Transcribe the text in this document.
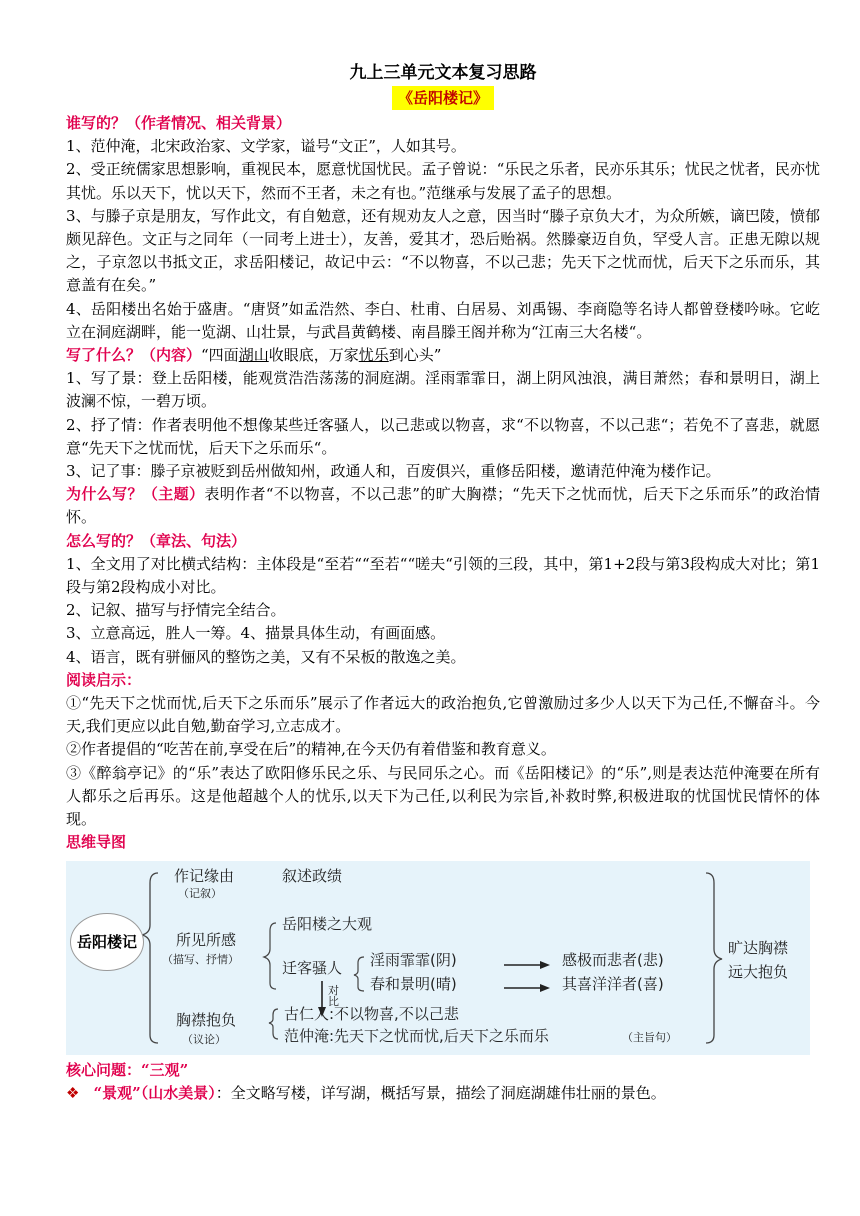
九上三单元文本复习思路
《岳阳楼记》

谁写的？（作者情况、相关背景）

1、范仲淹，北宋政治家、文学家，谥号“文正”，人如其号。

2、受正统儒家思想影响，重视民本，愿意忧国忧民。孟子曾说：“乐民之乐者，民亦乐其乐；忧民之忧者，民亦忧其忧。乐以天下，忧以天下，然而不王者，未之有也。”范继承与发展了孟子的思想。

3、与滕子京是朋友，写作此文，有自勉意，还有规劝友人之意，因当时“滕子京负大才，为众所嫉，谪巴陵，愤郁颇见辞色。文正与之同年（一同考上进士），友善，爱其才，恐后贻祸。然滕豪迈自负，罕受人言。正患无隙以规之，子京忽以书抵文正，求岳阳楼记，故记中云：“不以物喜，不以己悲；先天下之忧而忧，后天下之乐而乐，其意盖有在矣。”

4、岳阳楼出名始于盛唐。“唐贤”如孟浩然、李白、杜甫、白居易、刘禹锡、李商隐等名诗人都曾登楼吟咏。它屹立在洞庭湖畔，能一览湖、山壮景，与武昌黄鹤楼、南昌滕王阁并称为“江南三大名楼“。

写了什么？（内容）“四面湖山收眼底，万家忧乐到心头”

1、写了景：登上岳阳楼，能观赏浩浩荡荡的洞庭湖。淫雨霏霏日，湖上阴风浊浪，满目萧然；春和景明日，湖上波澜不惊，一碧万顷。

2、抒了情：作者表明他不想像某些迁客骚人，以己悲或以物喜，求“不以物喜，不以己悲“；若免不了喜悲，就愿意“先天下之忧而忧，后天下之乐而乐“。

3、记了事：滕子京被贬到岳州做知州，政通人和，百废俱兴，重修岳阳楼，邀请范仲淹为楼作记。

为什么写？（主题）表明作者“不以物喜，不以己悲”的旷大胸襟；“先天下之忧而忧，后天下之乐而乐”的政治情怀。

怎么写的？（章法、句法）

1、全文用了对比横式结构：主体段是“至若““至若““嗟夫“引领的三段，其中，第1+2段与第3段构成大对比；第1段与第2段构成小对比。

2、记叙、描写与抒情完全结合。

3、立意高远，胜人一筹。4、描景具体生动，有画面感。

4、语言，既有骈俪风的整饬之美，又有不呆板的散逸之美。

阅读启示：

①“先天下之忧而忧,后天下之乐而乐”展示了作者远大的政治抱负,它曾激励过多少人以天下为己任,不懈奋斗。今天,我们更应以此自勉,勤奋学习,立志成才。

②作者提倡的“吃苦在前,享受在后”的精神,在今天仍有着借鉴和教育意义。

③《醉翁亭记》的“乐”表达了欧阳修乐民之乐、与民同乐之心。而《岳阳楼记》的“乐”,则是表达范仲淹要在所有人都乐之后再乐。这是他超越个人的忧乐,以天下为己任,以利民为宗旨,补救时弊,积极进取的忧国忧民情怀的体现。

思维导图

岳阳楼记
作记缘由
（记叙）
叙述政绩
所见所感
（描写、抒情）
岳阳楼之大观
迁客骚人 淫雨霏霏(阴)
春和景明(晴)
感极而悲者(悲)
其喜洋洋者(喜)
对比
胸襟抱负
（议论）
古仁人:不以物喜,不以己悲
范仲淹:先天下之忧而忧,后天下之乐而乐	（主旨句）
旷达胸襟
远大抱负

核心问题：“三观”

❖ “景观”（山水美景）：全文略写楼，详写湖，概括写景，描绘了洞庭湖雄伟壮丽的景色。
